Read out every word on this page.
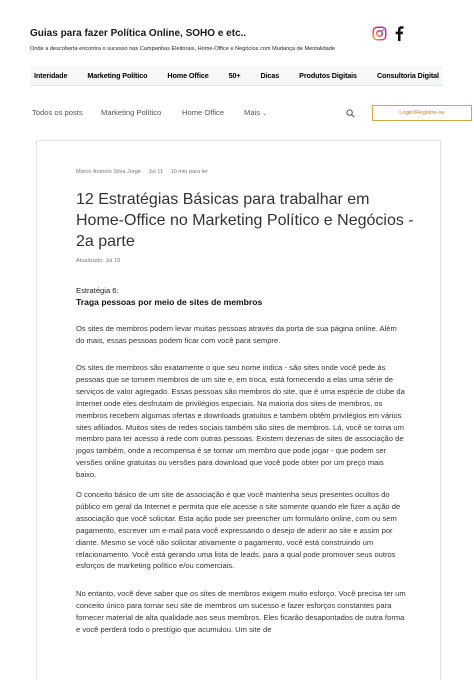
Guias para fazer Política Online, SOHO e etc..
Onde a descoberta encontra o sucesso nas Campanhas Eleitorais, Home-Office e Negócios com Mudança de Mentalidade
Interidade	Marketing Político	Home Office	50+	Dicas	Produtos Digitais	Consultoria Digital
Todos os posts Marketing Político	Home Office	Mais ⌄	Login/Registre-se
Marco Antonio Silva Jorge Jul 11 10 min para ler
12 Estratégias Básicas para trabalhar em Home-Office no Marketing Político e Negócios - 2a parte
Atualizado: Jul 19
Estratégia 6:
Traga pessoas por meio de sites de membros
Os sites de membros podem levar muitas pessoas através da porta de sua página online. Além do mais, essas pessoas podem ficar com você para sempre.
Os sites de membros são exatamente o que seu nome indica - são sites onde você pede às pessoas que se tornem membros de um site e, em troca, está fornecendo a elas uma série de serviços de valor agregado. Essas pessoas são membros do site, que é uma espécie de clube da Internet onde eles desfrutam de privilégios especiais. Na maioria dos sites de membros, os membros recebem algumas ofertas e downloads gratuitos e também obtêm privilégios em vários sites afiliados. Muitos sites de redes sociais também são sites de membros. Lá, você se torna um membro para ter acesso à rede com outras pessoas. Existem dezenas de sites de associação de jogos também, onde a recompensa é se tornar um membro que pode jogar - que podem ser versões online gratuitas ou versões para download que você pode obter por um preço mais baixo.
O conceito básico de um site de associação é que você mantenha seus presentes ocultos do público em geral da Internet e permita que ele acesse o site somente quando ele fizer a ação de associação que você solicitar. Esta ação pode ser preencher um formulário online, com ou sem pagamento, escrever um e-mail para você expressando o desejo de aderir ao site e assim por diante. Mesmo se você não solicitar ativamente o pagamento, você está construindo um relacionamento. Você está gerando uma lista de leads, para a qual pode promover seus outros esforços de marketing político e/ou comerciais.
No entanto, você deve saber que os sites de membros exigem muito esforço. Você precisa ter um conceito único para tornar seu site de membros um sucesso e fazer esforços constantes para fornecer material de alta qualidade aos seus membros. Eles ficarão desapontados de outra forma e você perderá todo o prestígio que acumulou. Um site de
